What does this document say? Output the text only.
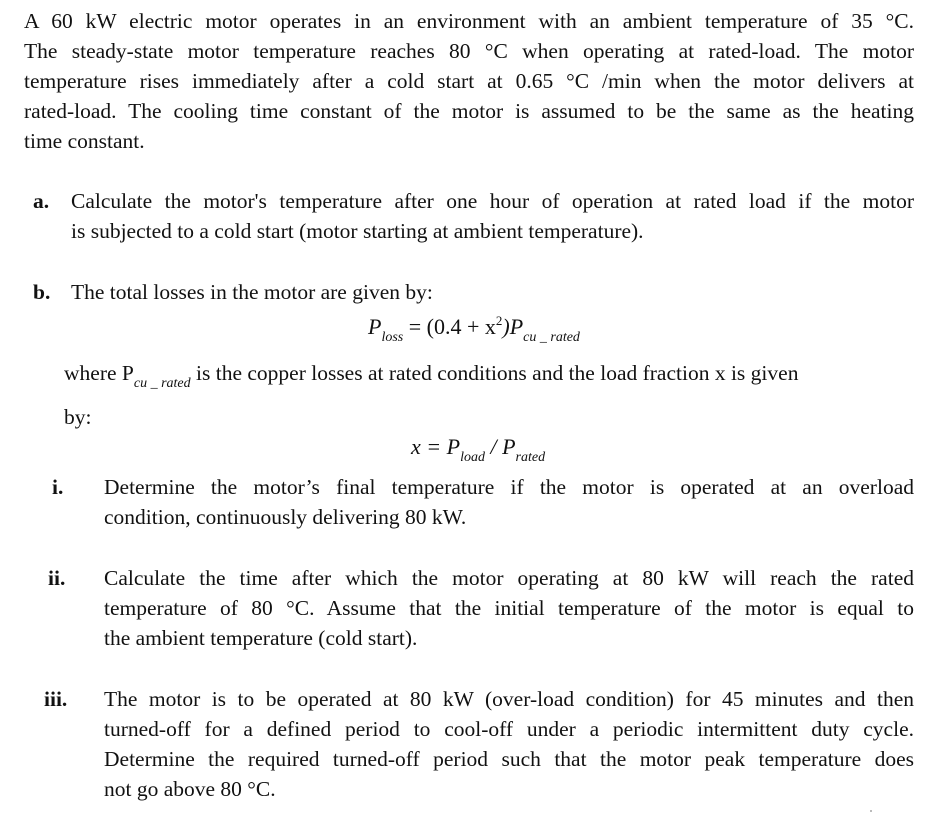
A 60 kW electric motor operates in an environment with an ambient temperature of 35 °C.
The steady-state motor temperature reaches 80 °C when operating at rated-load. The motor
temperature rises immediately after a cold start at 0.65 °C /min when the motor delivers at
rated-load. The cooling time constant of the motor is assumed to be the same as the heating
time constant.
a. Calculate the motor's temperature after one hour of operation at rated load if the motor
is subjected to a cold start (motor starting at ambient temperature).
b. The total losses in the motor are given by:
$P_{loss} = (0.4 + x^2)P_{cu \_ rated}$
where $P_{cu \_ rated}$ is the copper losses at rated conditions and the load fraction x is given
by:
$x = P_{load} / P_{rated}$
i. Determine the motor’s final temperature if the motor is operated at an overload
condition, continuously delivering 80 kW.
ii. Calculate the time after which the motor operating at 80 kW will reach the rated
temperature of 80 °C. Assume that the initial temperature of the motor is equal to
the ambient temperature (cold start).
iii. The motor is to be operated at 80 kW (over-load condition) for 45 minutes and then
turned-off for a defined period to cool-off under a periodic intermittent duty cycle.
Determine the required turned-off period such that the motor peak temperature does
not go above 80 °C.
